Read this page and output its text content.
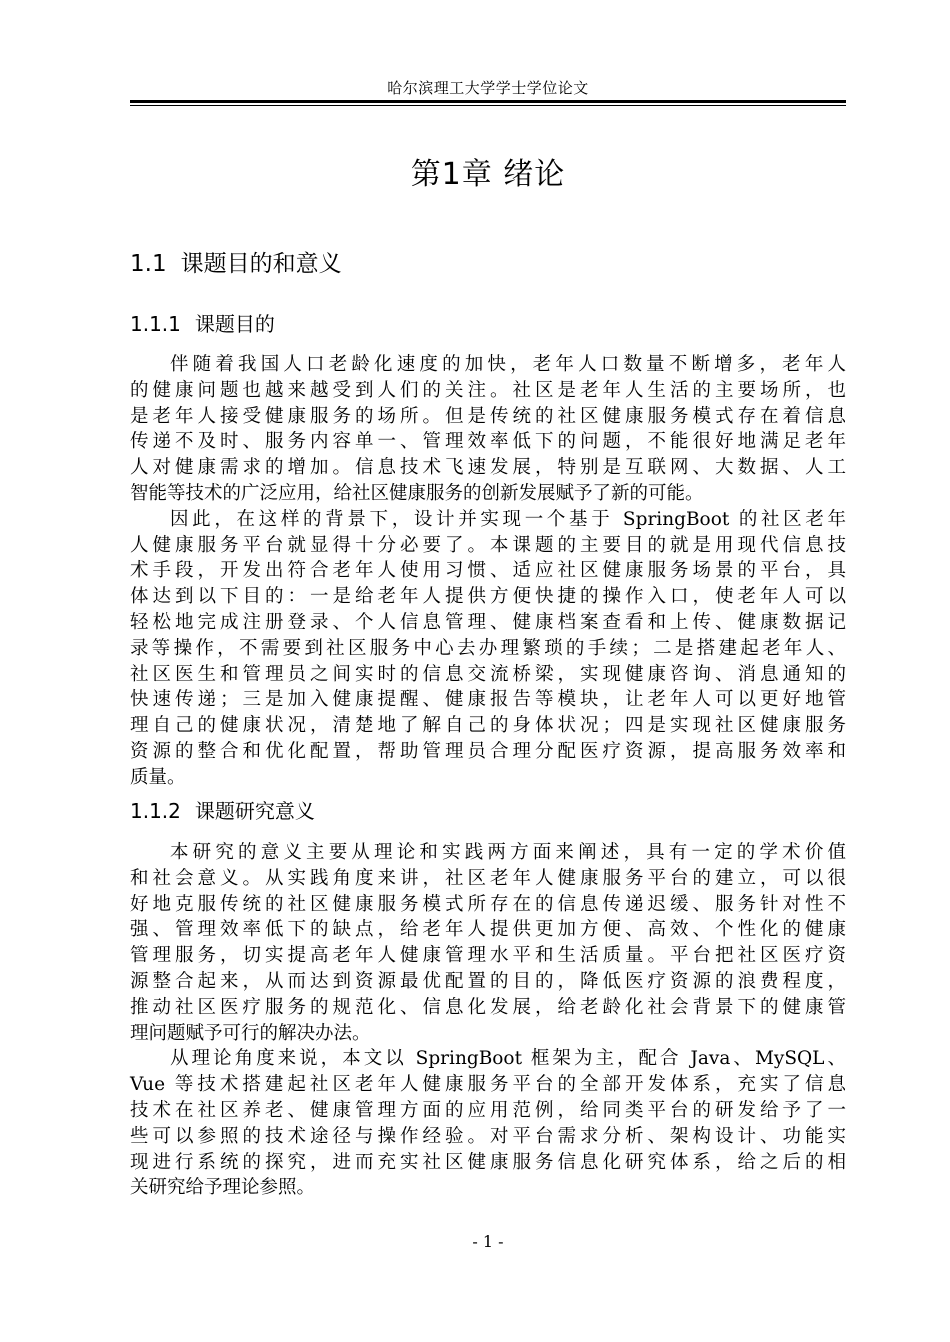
哈尔滨理工大学学士学位论文
第1章 绪论
1.1 课题目的和意义
1.1.1 课题目的
伴随着我国人口老龄化速度的加快，老年人口数量不断增多，老年人
的健康问题也越来越受到人们的关注。社区是老年人生活的主要场所，也
是老年人接受健康服务的场所。但是传统的社区健康服务模式存在着信息
传递不及时、服务内容单一、管理效率低下的问题，不能很好地满足老年
人对健康需求的增加。信息技术飞速发展，特别是互联网、大数据、人工
智能等技术的广泛应用，给社区健康服务的创新发展赋予了新的可能。
因此，在这样的背景下，设计并实现一个基于 SpringBoot 的社区老年
人健康服务平台就显得十分必要了。本课题的主要目的就是用现代信息技
术手段，开发出符合老年人使用习惯、适应社区健康服务场景的平台，具
体达到以下目的：一是给老年人提供方便快捷的操作入口，使老年人可以
轻松地完成注册登录、个人信息管理、健康档案查看和上传、健康数据记
录等操作，不需要到社区服务中心去办理繁琐的手续；二是搭建起老年人、
社区医生和管理员之间实时的信息交流桥梁，实现健康咨询、消息通知的
快速传递；三是加入健康提醒、健康报告等模块，让老年人可以更好地管
理自己的健康状况，清楚地了解自己的身体状况；四是实现社区健康服务
资源的整合和优化配置，帮助管理员合理分配医疗资源，提高服务效率和
质量。
1.1.2 课题研究意义
本研究的意义主要从理论和实践两方面来阐述，具有一定的学术价值
和社会意义。从实践角度来讲，社区老年人健康服务平台的建立，可以很
好地克服传统的社区健康服务模式所存在的信息传递迟缓、服务针对性不
强、管理效率低下的缺点，给老年人提供更加方便、高效、个性化的健康
管理服务，切实提高老年人健康管理水平和生活质量。平台把社区医疗资
源整合起来，从而达到资源最优配置的目的，降低医疗资源的浪费程度，
推动社区医疗服务的规范化、信息化发展，给老龄化社会背景下的健康管
理问题赋予可行的解决办法。
从理论角度来说，本文以 SpringBoot 框架为主，配合 Java、MySQL、
Vue 等技术搭建起社区老年人健康服务平台的全部开发体系，充实了信息
技术在社区养老、健康管理方面的应用范例，给同类平台的研发给予了一
些可以参照的技术途径与操作经验。对平台需求分析、架构设计、功能实
现进行系统的探究，进而充实社区健康服务信息化研究体系，给之后的相
关研究给予理论参照。
- 1 -
